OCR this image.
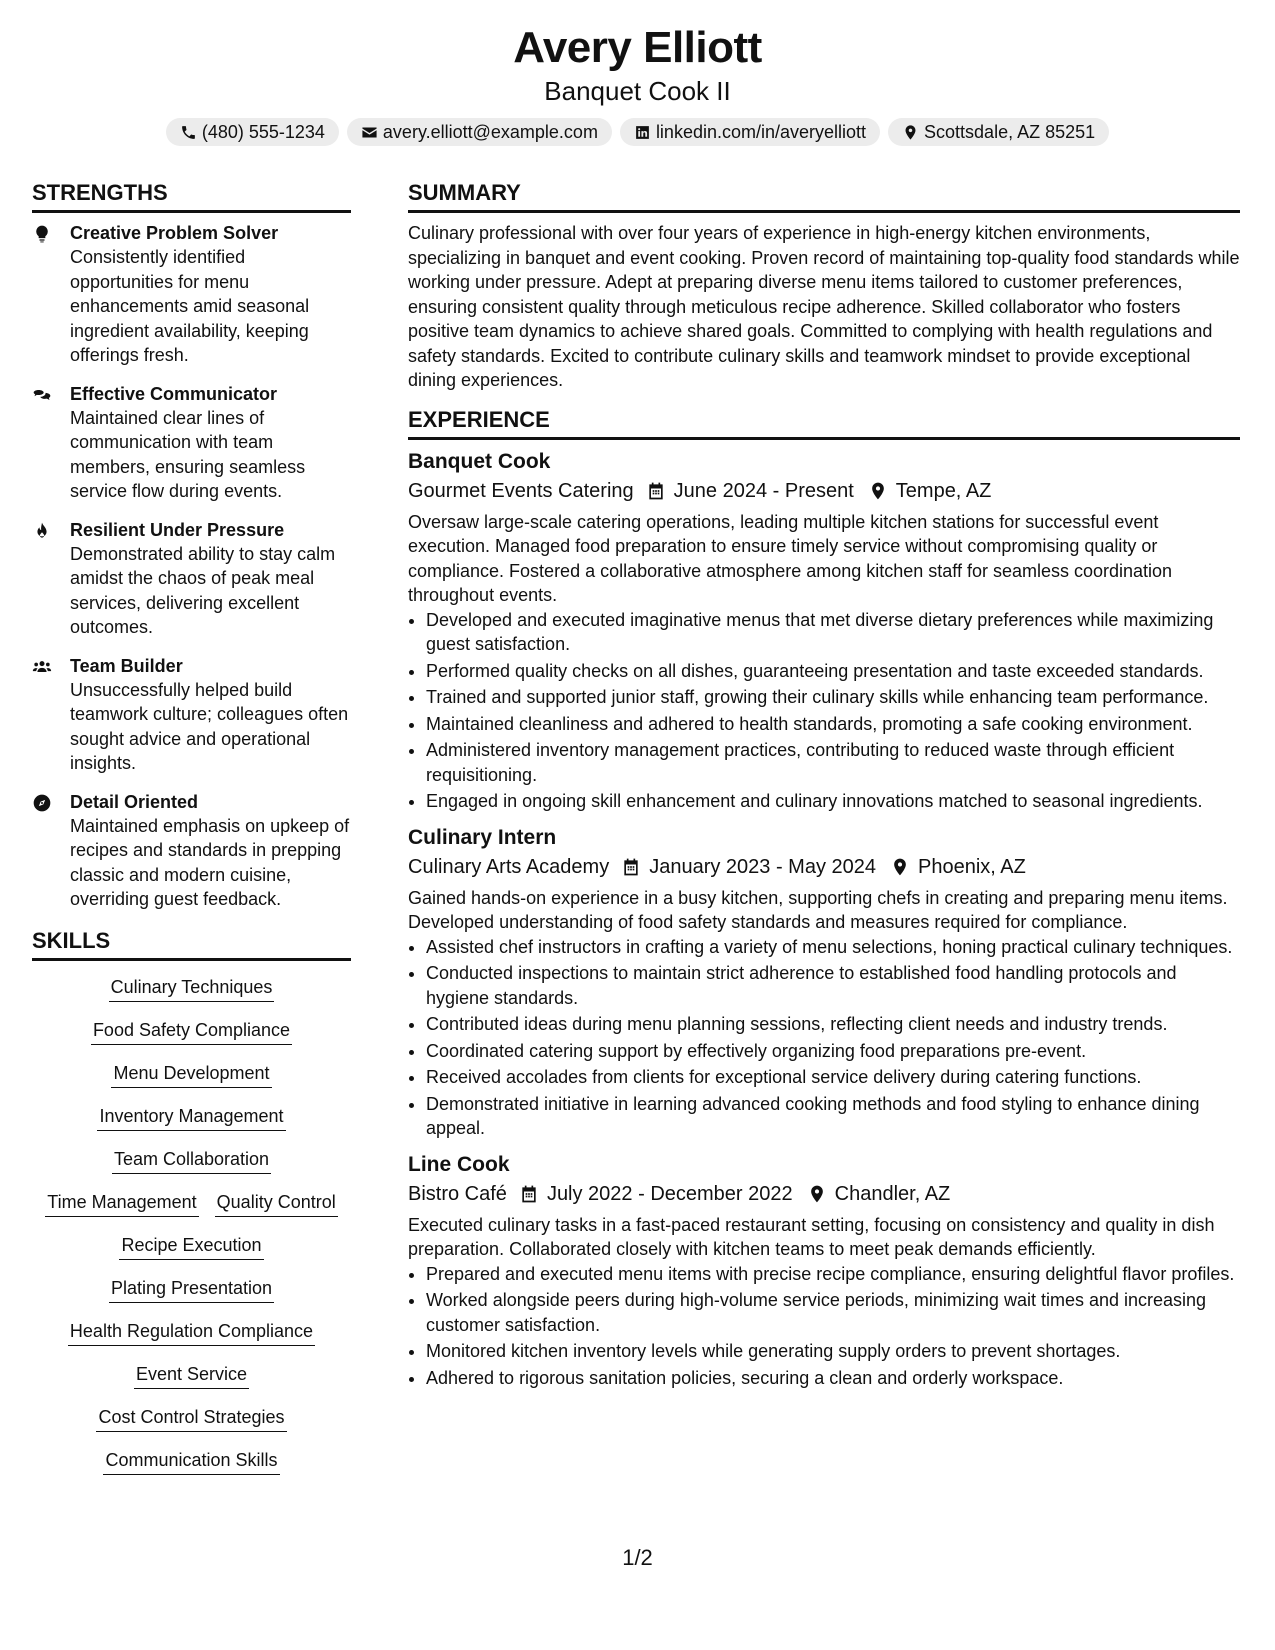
Avery Elliott
Banquet Cook II
(480) 555-1234	avery.elliott@example.com	linkedin.com/in/averyelliott	Scottsdale, AZ 85251
STRENGTHS
Creative Problem Solver
Consistently identified opportunities for menu enhancements amid seasonal ingredient availability, keeping offerings fresh.
Effective Communicator
Maintained clear lines of communication with team members, ensuring seamless service flow during events.
Resilient Under Pressure
Demonstrated ability to stay calm amidst the chaos of peak meal services, delivering excellent outcomes.
Team Builder
Unsuccessfully helped build teamwork culture; colleagues often sought advice and operational insights.
Detail Oriented
Maintained emphasis on upkeep of recipes and standards in prepping classic and modern cuisine, overriding guest feedback.
SKILLS
Culinary Techniques
Food Safety Compliance
Menu Development
Inventory Management
Team Collaboration
Time Management Quality Control
Recipe Execution
Plating Presentation
Health Regulation Compliance
Event Service
Cost Control Strategies
Communication Skills
SUMMARY
Culinary professional with over four years of experience in high-energy kitchen environments, specializing in banquet and event cooking. Proven record of maintaining top-quality food standards while working under pressure. Adept at preparing diverse menu items tailored to customer preferences, ensuring consistent quality through meticulous recipe adherence. Skilled collaborator who fosters positive team dynamics to achieve shared goals. Committed to complying with health regulations and safety standards. Excited to contribute culinary skills and teamwork mindset to provide exceptional dining experiences.
EXPERIENCE
Banquet Cook
Gourmet Events Catering June 2024 - Present Tempe, AZ
Oversaw large-scale catering operations, leading multiple kitchen stations for successful event execution. Managed food preparation to ensure timely service without compromising quality or compliance. Fostered a collaborative atmosphere among kitchen staff for seamless coordination throughout events.
• Developed and executed imaginative menus that met diverse dietary preferences while maximizing guest satisfaction.
• Performed quality checks on all dishes, guaranteeing presentation and taste exceeded standards.
• Trained and supported junior staff, growing their culinary skills while enhancing team performance.
• Maintained cleanliness and adhered to health standards, promoting a safe cooking environment.
• Administered inventory management practices, contributing to reduced waste through efficient requisitioning.
• Engaged in ongoing skill enhancement and culinary innovations matched to seasonal ingredients.
Culinary Intern
Culinary Arts Academy January 2023 - May 2024 Phoenix, AZ
Gained hands-on experience in a busy kitchen, supporting chefs in creating and preparing menu items. Developed understanding of food safety standards and measures required for compliance.
• Assisted chef instructors in crafting a variety of menu selections, honing practical culinary techniques.
• Conducted inspections to maintain strict adherence to established food handling protocols and hygiene standards.
• Contributed ideas during menu planning sessions, reflecting client needs and industry trends.
• Coordinated catering support by effectively organizing food preparations pre-event.
• Received accolades from clients for exceptional service delivery during catering functions.
• Demonstrated initiative in learning advanced cooking methods and food styling to enhance dining appeal.
Line Cook
Bistro Café July 2022 - December 2022 Chandler, AZ
Executed culinary tasks in a fast-paced restaurant setting, focusing on consistency and quality in dish preparation. Collaborated closely with kitchen teams to meet peak demands efficiently.
• Prepared and executed menu items with precise recipe compliance, ensuring delightful flavor profiles.
• Worked alongside peers during high-volume service periods, minimizing wait times and increasing customer satisfaction.
• Monitored kitchen inventory levels while generating supply orders to prevent shortages.
• Adhered to rigorous sanitation policies, securing a clean and orderly workspace.
1/2
